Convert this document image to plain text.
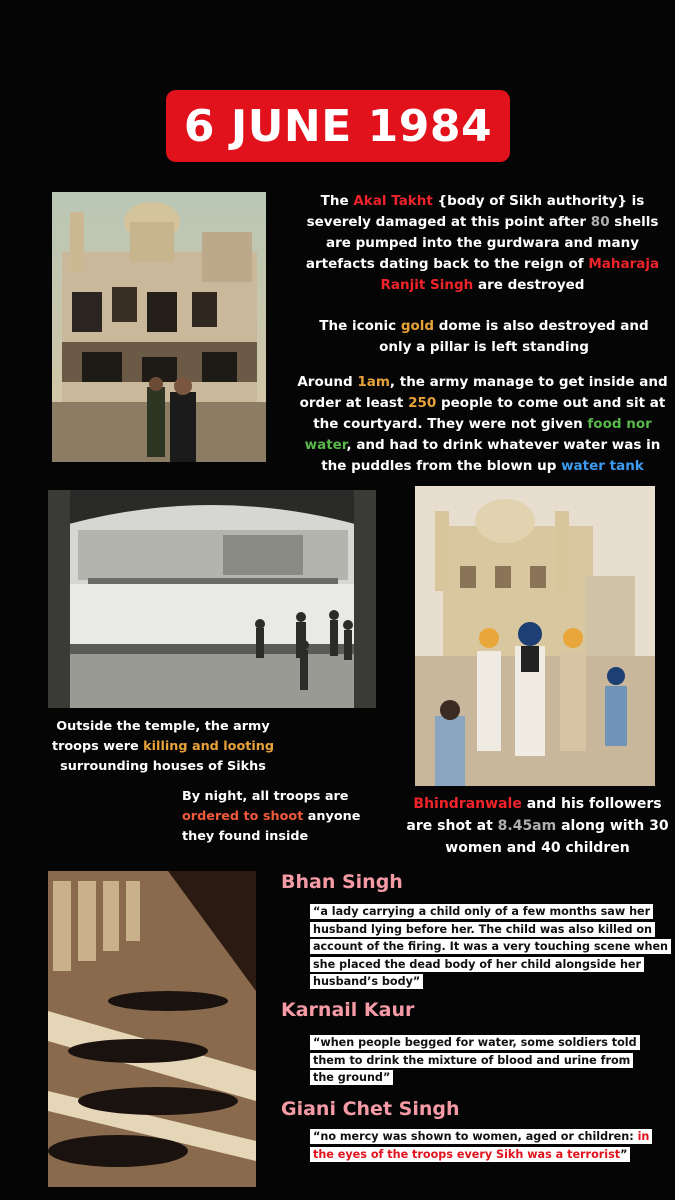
6 JUNE 1984
The Akal Takht {body of Sikh authority} is severely damaged at this point after 80 shells are pumped into the gurdwara and many artefacts dating back to the reign of Maharaja Ranjit Singh are destroyed
The iconic gold dome is also destroyed and only a pillar is left standing
Around 1am, the army manage to get inside and order at least 250 people to come out and sit at the courtyard. They were not given food nor water, and had to drink whatever water was in the puddles from the blown up water tank
Outside the temple, the army troops were killing and looting surrounding houses of Sikhs
By night, all troops are ordered to shoot anyone they found inside
Bhindranwale and his followers are shot at 8.45am along with 30 women and 40 children
Bhan Singh
“a lady carrying a child only of a few months saw her husband lying before her. The child was also killed on account of the firing. It was a very touching scene when she placed the dead body of her child alongside her husband’s body”
Karnail Kaur
“when people begged for water, some soldiers told them to drink the mixture of blood and urine from the ground”
Giani Chet Singh
“no mercy was shown to women, aged or children: in the eyes of the troops every Sikh was a terrorist”
